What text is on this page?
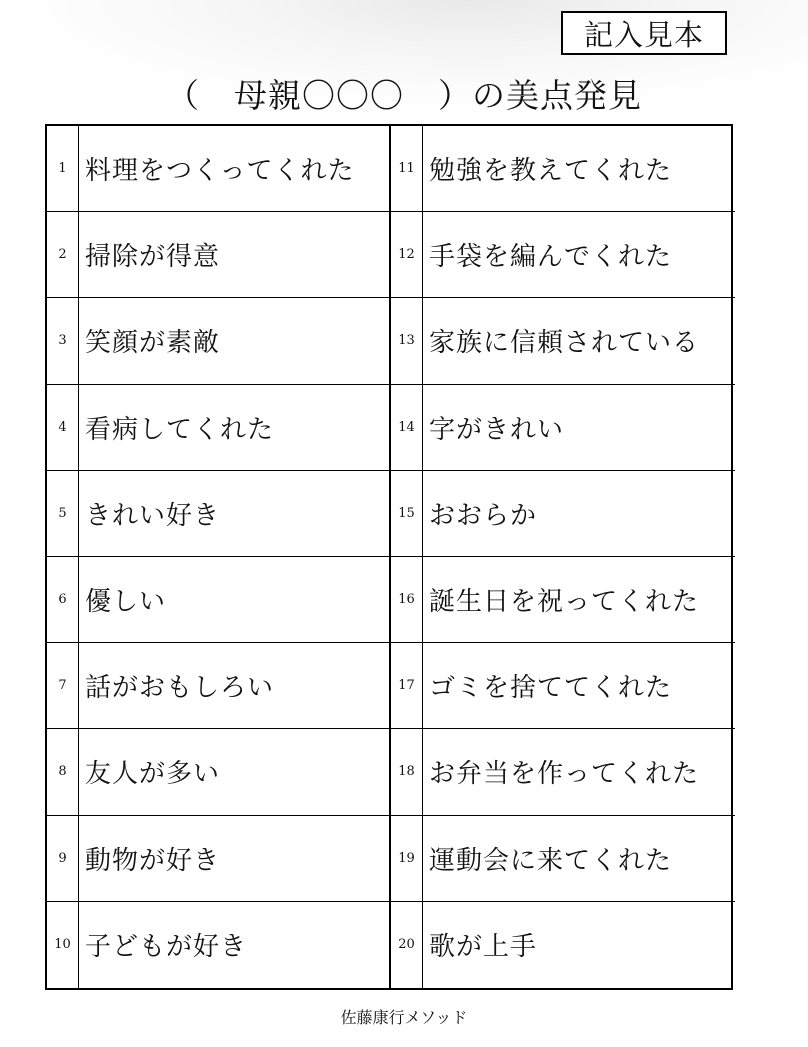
記入見本
（　母親〇〇〇　）の美点発見
1 料理をつくってくれた	11 勉強を教えてくれた
2 掃除が得意	12 手袋を編んでくれた
3 笑顔が素敵	13 家族に信頼されている
4 看病してくれた	14 字がきれい
5 きれい好き	15 おおらか
6 優しい	16 誕生日を祝ってくれた
7 話がおもしろい	17 ゴミを捨ててくれた
8 友人が多い	18 お弁当を作ってくれた
9 動物が好き	19 運動会に来てくれた
10 子どもが好き	20 歌が上手
佐藤康行メソッド
